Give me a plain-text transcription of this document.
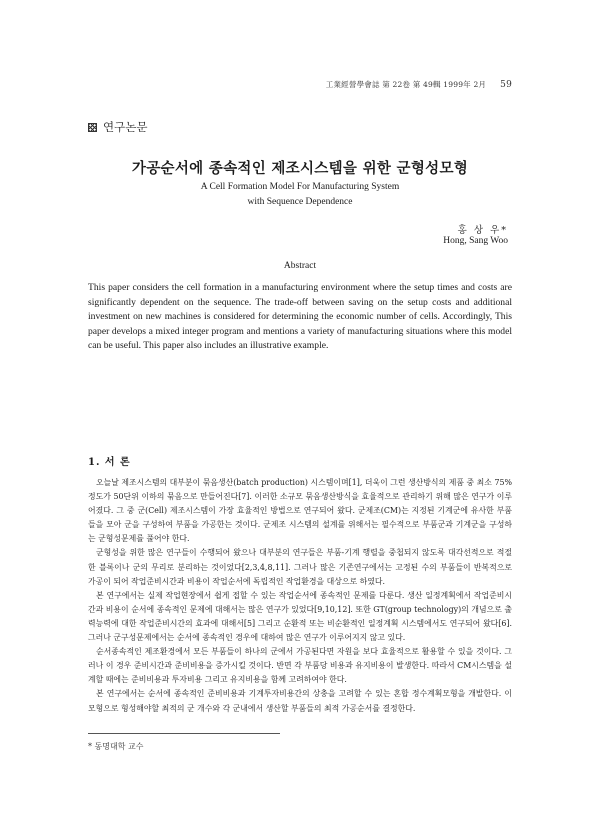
工業經營學會誌 第 22卷 第 49輯 1999年 2月 59
연구논문
가공순서에 종속적인 제조시스템을 위한 군형성모형
A Cell Formation Model For Manufacturing System
with Sequence Dependence
홍 상 우*
Hong, Sang Woo
Abstract
This paper considers the cell formation in a manufacturing environment where the setup times and costs are significantly dependent on the sequence. The trade-off between saving on the setup costs and additional investment on new machines is considered for determining the economic number of cells. Accordingly, This paper develops a mixed integer program and mentions a variety of manufacturing situations where this model can be useful. This paper also includes an illustrative example.
1. 서 론

오늘날 제조시스템의 대부분이 묶음생산(batch production) 시스템이며[1], 더욱이 그런 생산방식의 제품 중 최소 75%정도가 50단위 이하의 묶음으로 만들어진다[7]. 이러한 소규모 묶음생산방식을 효율적으로 관리하기 위해 많은 연구가 이루어졌다. 그 중 군(Cell) 제조시스템이 가장 효율적인 방법으로 연구되어 왔다. 군제조(CM)는 지정된 기계군에 유사한 부품들을 모아 군을 구성하여 부품을 가공한는 것이다. 군제조 시스템의 설계를 위해서는 필수적으로 부품군과 기계군을 구성하는 군형성문제를 풀어야 한다.

군형성을 위한 많은 연구들이 수행되어 왔으나 대부분의 연구들은 부품-기계 행렬을 중첩되지 않도록 대각선적으로 적절한 블록이나 군의 무리로 분리하는 것이었다[2,3,4,8,11]. 그러나 많은 기존연구에서는 고정된 수의 부품들이 반복적으로 가공이 되어 작업준비시간과 비용이 작업순서에 독립적인 작업환경을 대상으로 하였다.

본 연구에서는 실제 작업현장에서 쉽게 접할 수 있는 작업순서에 종속적인 문제를 다룬다. 생산 일정계획에서 작업준비시간과 비용이 순서에 종속적인 문제에 대해서는 많은 연구가 있었다[9,10,12]. 또한 GT(group technology)의 개념으로 출력능력에 대한 작업준비시간의 효과에 대해서[5] 그리고 순환적 또는 비순환적인 일정계획 시스템에서도 연구되어 왔다[6]. 그러나 군구성문제에서는 순서에 종속적인 경우에 대하여 많은 연구가 이루어지지 않고 있다.

순서종속적인 제조환경에서 모든 부품들이 하나의 군에서 가공된다면 자원을 보다 효율적으로 활용할 수 있을 것이다. 그러나 이 경우 준비시간과 준비비용을 증가시킬 것이다. 반면 각 부품당 비용과 유지비용이 발생한다. 따라서 CM시스템을 설계할 때에는 준비비용과 투자비용 그리고 유지비용을 함께 고려하여야 한다.

본 연구에서는 순서에 종속적인 준비비용과 기계투자비용간의 상충을 고려할 수 있는 혼합 정수계획모형을 개발한다. 이 모형으로 형성해야할 최적의 군 개수와 각 군내에서 생산할 부품들의 최적 가공순서를 결정한다.

* 동명대학 교수
